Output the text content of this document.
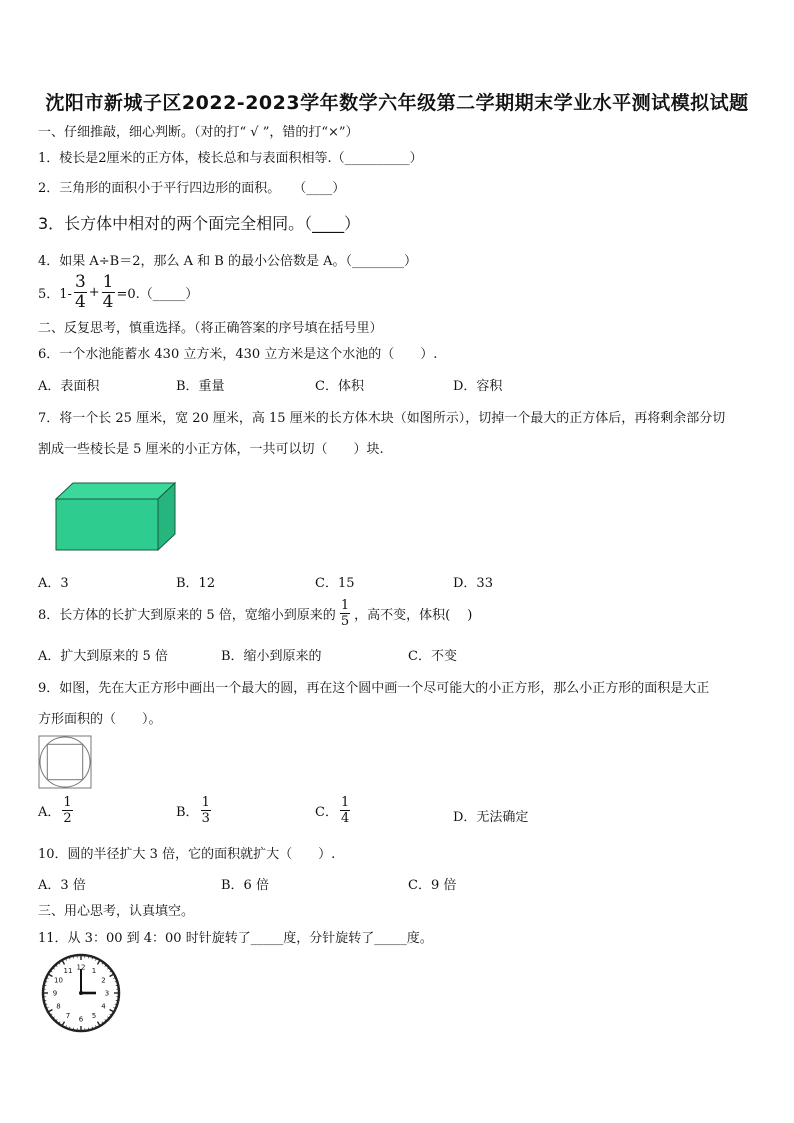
沈阳市新城子区2022-2023学年数学六年级第二学期期末学业水平测试模拟试题
一、仔细推敲，细心判断。（对的打“ √ ”，错的打“×”）
1．棱长是2厘米的正方体，棱长总和与表面积相等.（__________）
2．三角形的面积小于平行四边形的面积。　　（____）
3．长方体中相对的两个面完全相同。（____）
4．如果 A÷B＝2，那么 A 和 B 的最小公倍数是 A。（________）
5．$1- \frac{3}{4} + \frac{1}{4}$ =0.（_____）
二、反复思考，慎重选择。（将正确答案的序号填在括号里）
6．一个水池能蓄水 430 立方米，430 立方米是这个水池的（　　）.
A．表面积	B．重量	C．体积	D．容积
7．将一个长 25 厘米，宽 20 厘米，高 15 厘米的长方体木块（如图所示），切掉一个最大的正方体后，再将剩余部分切
割成一些棱长是 5 厘米的小正方体，一共可以切（　　）块.
A．3	B．12	C．15	D．33
8．长方体的长扩大到原来的 5 倍，宽缩小到原来的 $\frac{1}{5}$ ，高不变，体积(　 )
A．扩大到原来的 5 倍	B．缩小到原来的	C．不变
9．如图，先在大正方形中画出一个最大的圆，再在这个圆中画一个尽可能大的小正方形，那么小正方形的面积是大正
方形面积的（　　）。
A． $\frac{1}{2}$	B． $\frac{1}{3}$	C． $\frac{1}{4}$	D．无法确定
10．圆的半径扩大 3 倍，它的面积就扩大（　　）.
A．3 倍	B．6 倍	C．9 倍
三、用心思考，认真填空。
11．从 3：00 到 4：00 时针旋转了_____度，分针旋转了_____度。
12 1
2
3
4
5
6
7
8
9
10
11
